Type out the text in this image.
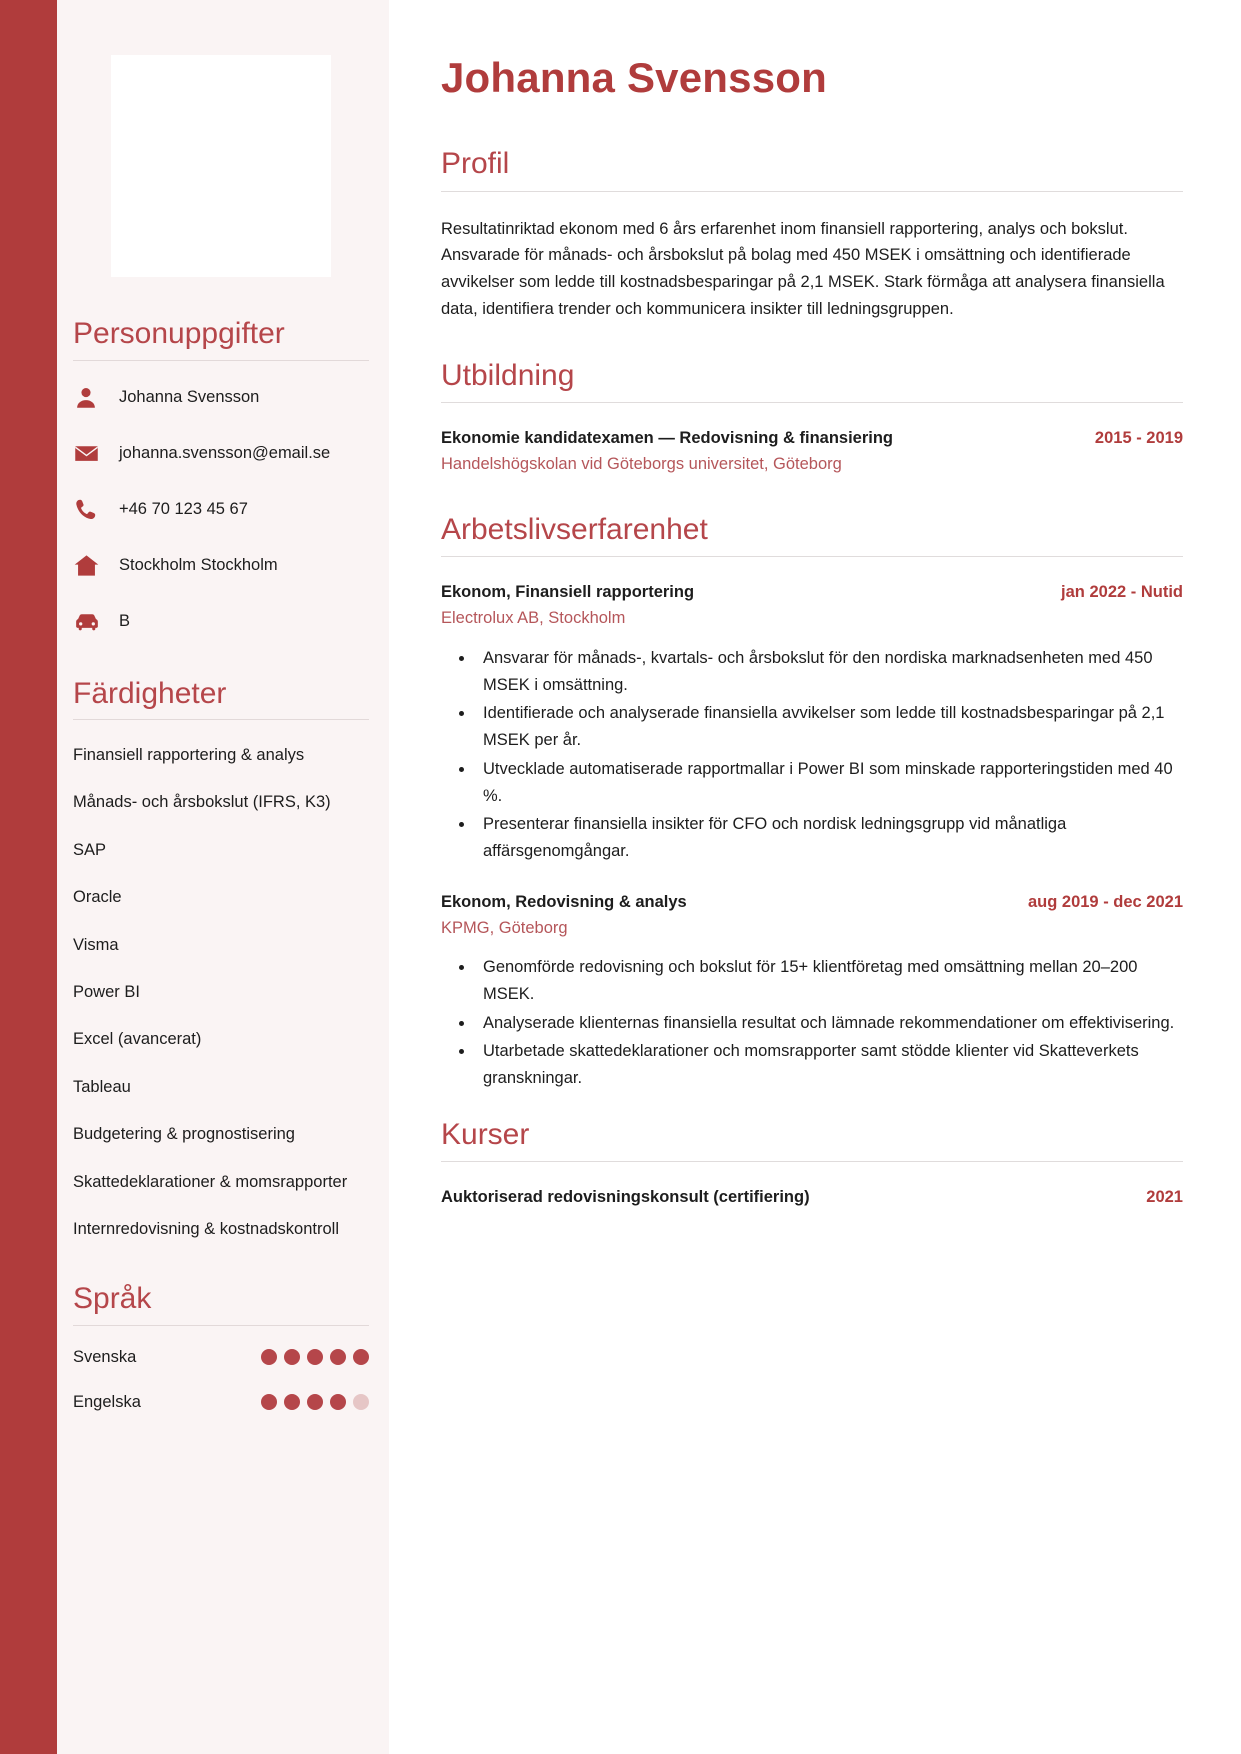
Personuppgifter
Johanna Svensson
johanna.svensson@email.se
+46 70 123 45 67
Stockholm Stockholm
B
Färdigheter
Finansiell rapportering & analys
Månads- och årsbokslut (IFRS, K3)
SAP
Oracle
Visma
Power BI
Excel (avancerat)
Tableau
Budgetering & prognostisering
Skattedeklarationer & momsrapporter
Internredovisning & kostnadskontroll
Språk
Svenska
Engelska
Johanna Svensson
Profil

Resultatinriktad ekonom med 6 års erfarenhet inom finansiell rapportering, analys och bokslut. Ansvarade för månads- och årsbokslut på bolag med 450 MSEK i omsättning och identifierade avvikelser som ledde till kostnadsbesparingar på 2,1 MSEK. Stark förmåga att analysera finansiella data, identifiera trender och kommunicera insikter till ledningsgruppen.

Utbildning
Ekonomie kandidatexamen — Redovisning & finansiering	2015 - 2019
Handelshögskolan vid Göteborgs universitet, Göteborg
Arbetslivserfarenhet
Ekonom, Finansiell rapportering	jan 2022 - Nutid
Electrolux AB, Stockholm
• Ansvarar för månads-, kvartals- och årsbokslut för den nordiska marknadsenheten med 450 MSEK i omsättning.
• Identifierade och analyserade finansiella avvikelser som ledde till kostnadsbesparingar på 2,1 MSEK per år.
• Utvecklade automatiserade rapportmallar i Power BI som minskade rapporteringstiden med 40 %.
• Presenterar finansiella insikter för CFO och nordisk ledningsgrupp vid månatliga affärsgenomgångar.
Ekonom, Redovisning & analys	aug 2019 - dec 2021
KPMG, Göteborg
• Genomförde redovisning och bokslut för 15+ klientföretag med omsättning mellan 20–200 MSEK.
• Analyserade klienternas finansiella resultat och lämnade rekommendationer om effektivisering.
• Utarbetade skattedeklarationer och momsrapporter samt stödde klienter vid Skatteverkets granskningar.
Kurser
Auktoriserad redovisningskonsult (certifiering)	2021
